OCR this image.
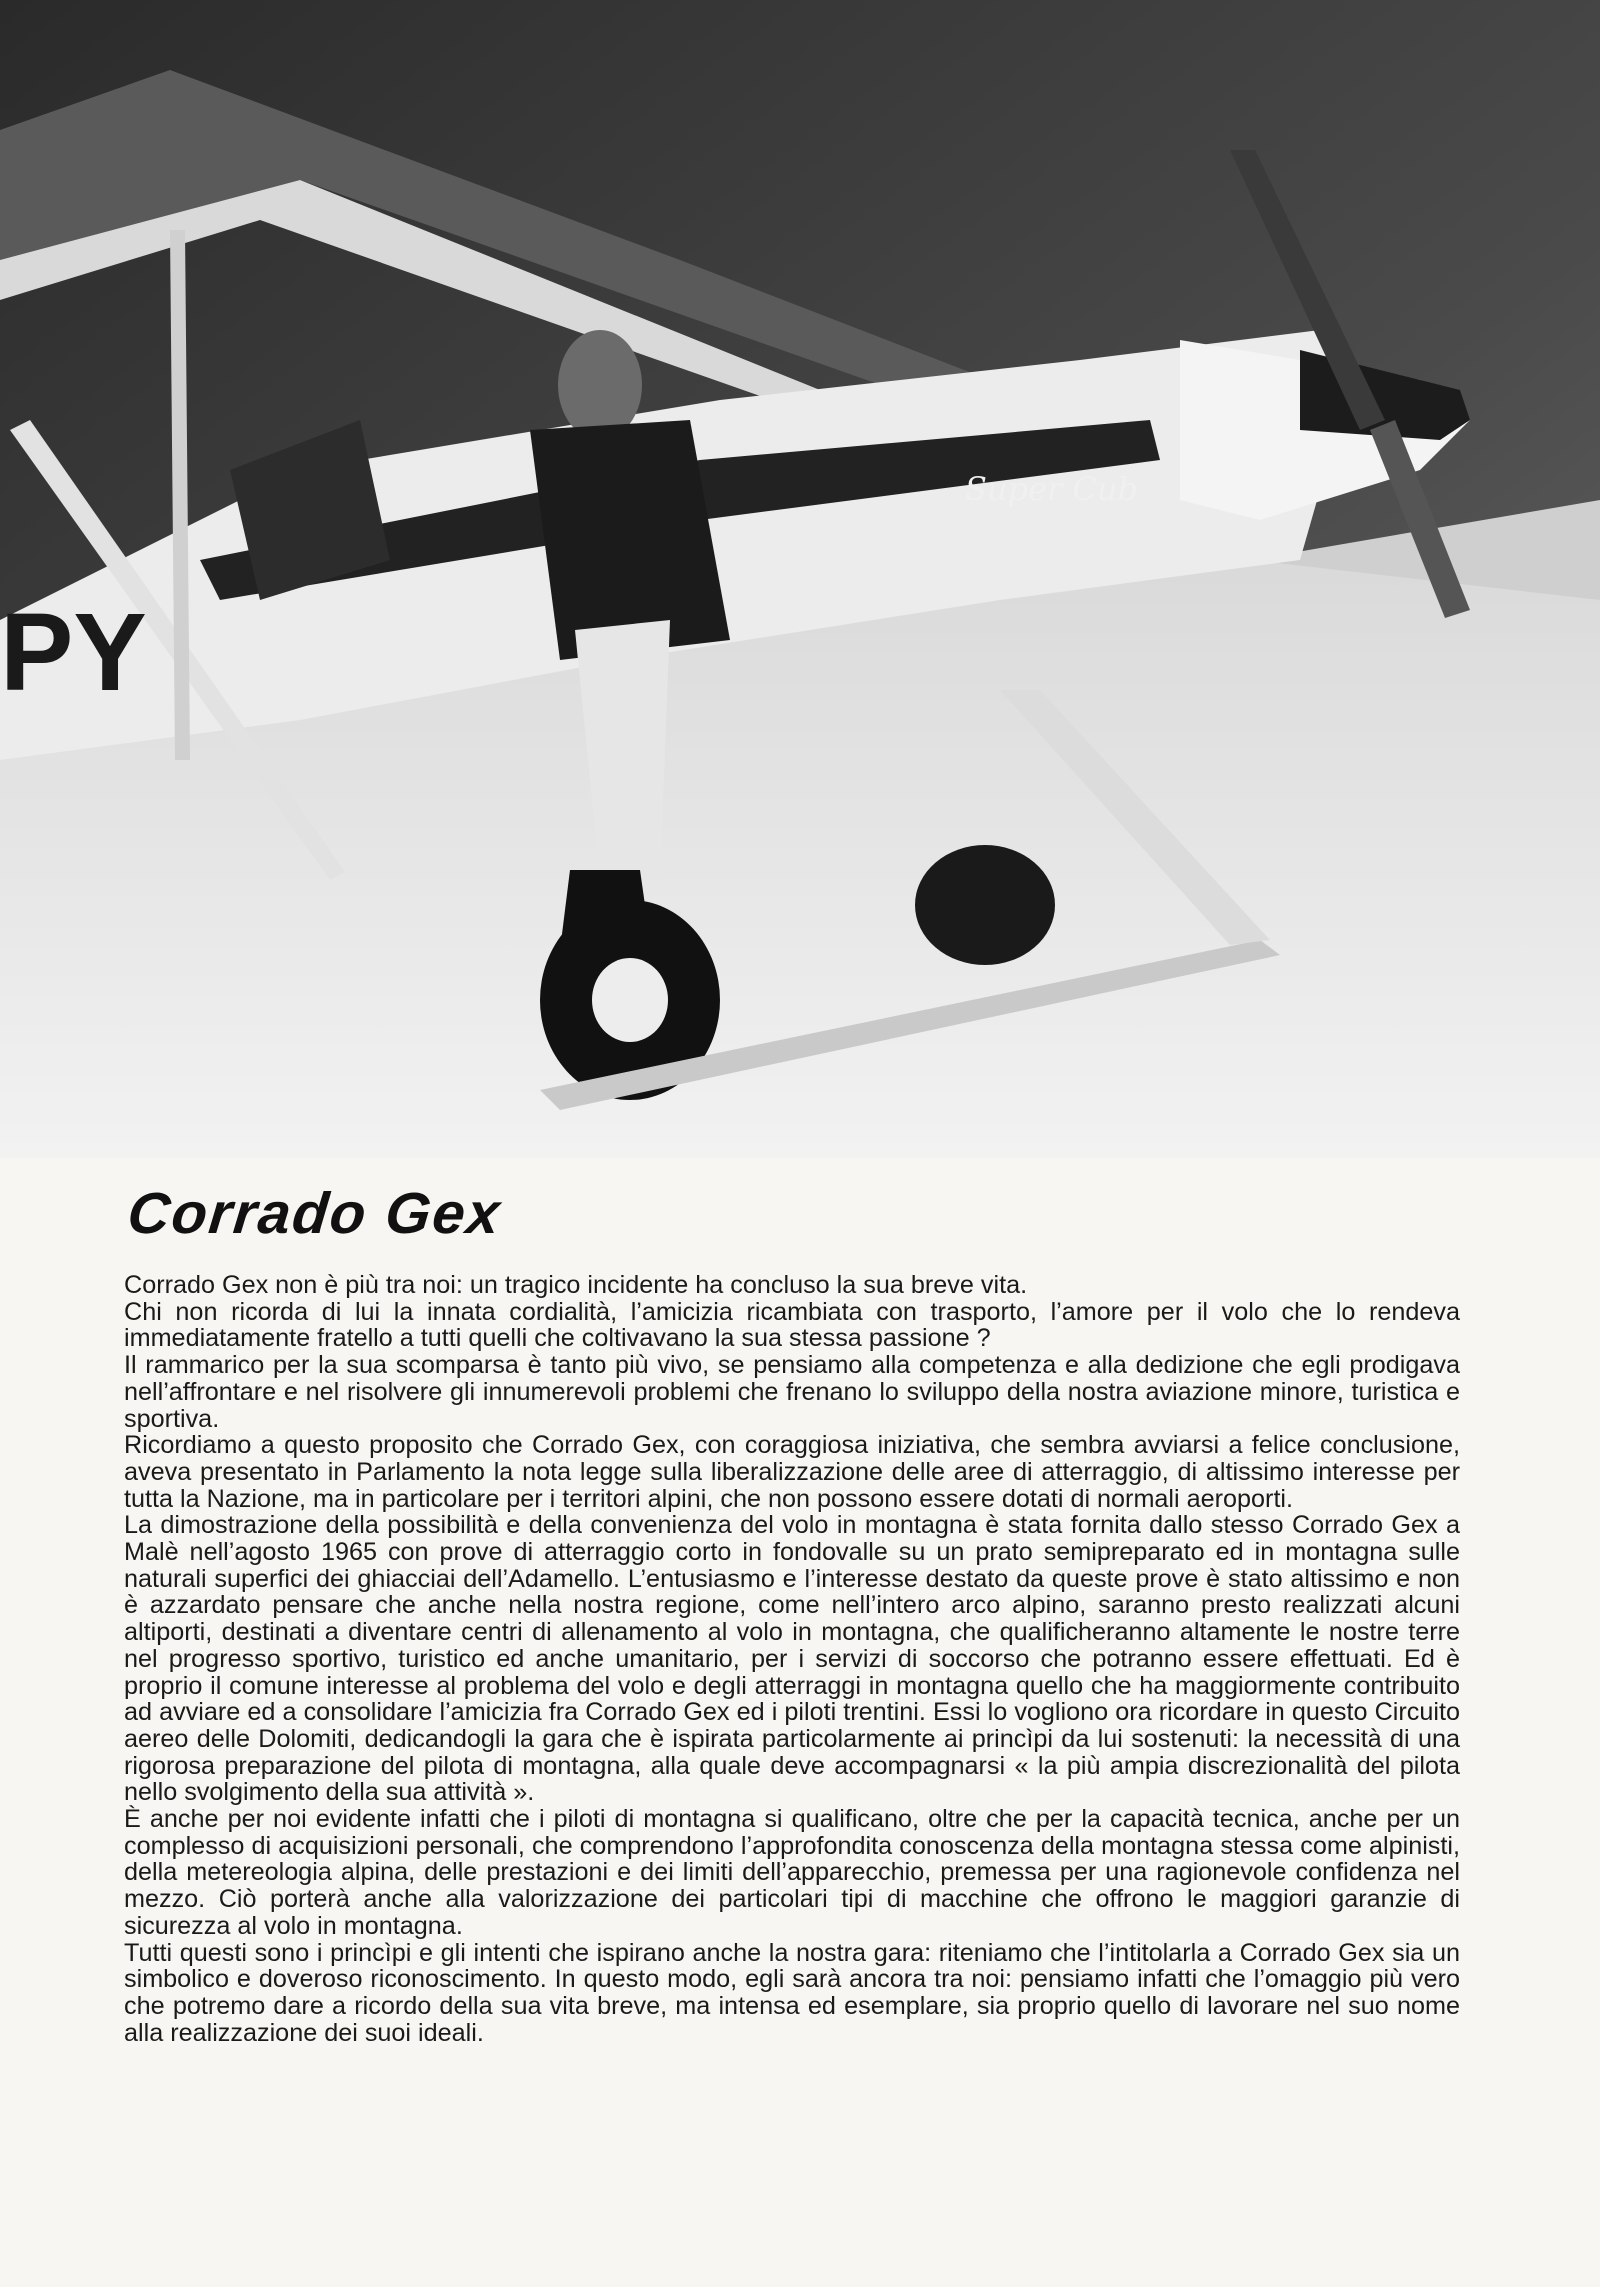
PY
Super Cub
Corrado Gex

Corrado Gex non è più tra noi: un tragico incidente ha concluso la sua breve vita.

Chi non ricorda di lui la innata cordialità, l’amicizia ricambiata con trasporto, l’amore per il volo che lo rendeva immediatamente fratello a tutti quelli che coltivavano la sua stessa passione ?

Il rammarico per la sua scomparsa è tanto più vivo, se pensiamo alla competenza e alla dedizione che egli prodigava nell’affrontare e nel risolvere gli innumerevoli problemi che frenano lo sviluppo della nostra aviazione minore, turistica e sportiva.

Ricordiamo a questo proposito che Corrado Gex, con coraggiosa iniziativa, che sembra avviarsi a felice conclusione, aveva presentato in Parlamento la nota legge sulla liberalizzazione delle aree di atterraggio, di altissimo interesse per tutta la Nazione, ma in particolare per i territori alpini, che non possono essere dotati di normali aeroporti.

La dimostrazione della possibilità e della convenienza del volo in montagna è stata fornita dallo stesso Corrado Gex a Malè nell’agosto 1965 con prove di atterraggio corto in fondovalle su un prato semipreparato ed in montagna sulle naturali superfici dei ghiacciai dell’Adamello. L’entusiasmo e l’interesse destato da queste prove è stato altissimo e non è azzardato pensare che anche nella nostra regione, come nell’intero arco alpino, saranno presto realizzati alcuni altiporti, destinati a diventare centri di allenamento al volo in montagna, che qualificheranno altamente le nostre terre nel progresso sportivo, turistico ed anche umanitario, per i servizi di soccorso che potranno essere effettuati. Ed è proprio il comune interesse al problema del volo e degli atterraggi in montagna quello che ha maggiormente contribuito ad avviare ed a consolidare l’amicizia fra Corrado Gex ed i piloti trentini. Essi lo vogliono ora ricordare in questo Circuito aereo delle Dolomiti, dedicandogli la gara che è ispirata particolarmente ai princìpi da lui sostenuti: la necessità di una rigorosa preparazione del pilota di montagna, alla quale deve accompagnarsi « la più ampia discrezionalità del pilota nello svolgimento della sua attività ».

È anche per noi evidente infatti che i piloti di montagna si qualificano, oltre che per la capacità tecnica, anche per un complesso di acquisizioni personali, che comprendono l’approfondita conoscenza della montagna stessa come alpinisti, della metereologia alpina, delle prestazioni e dei limiti dell’apparecchio, premessa per una ragionevole confidenza nel mezzo. Ciò porterà anche alla valorizzazione dei particolari tipi di macchine che offrono le maggiori garanzie di sicurezza al volo in montagna.

Tutti questi sono i princìpi e gli intenti che ispirano anche la nostra gara: riteniamo che l’intitolarla a Corrado Gex sia un simbolico e doveroso riconoscimento. In questo modo, egli sarà ancora tra noi: pensiamo infatti che l’omaggio più vero che potremo dare a ricordo della sua vita breve, ma intensa ed esemplare, sia proprio quello di lavorare nel suo nome alla realizzazione dei suoi ideali.
